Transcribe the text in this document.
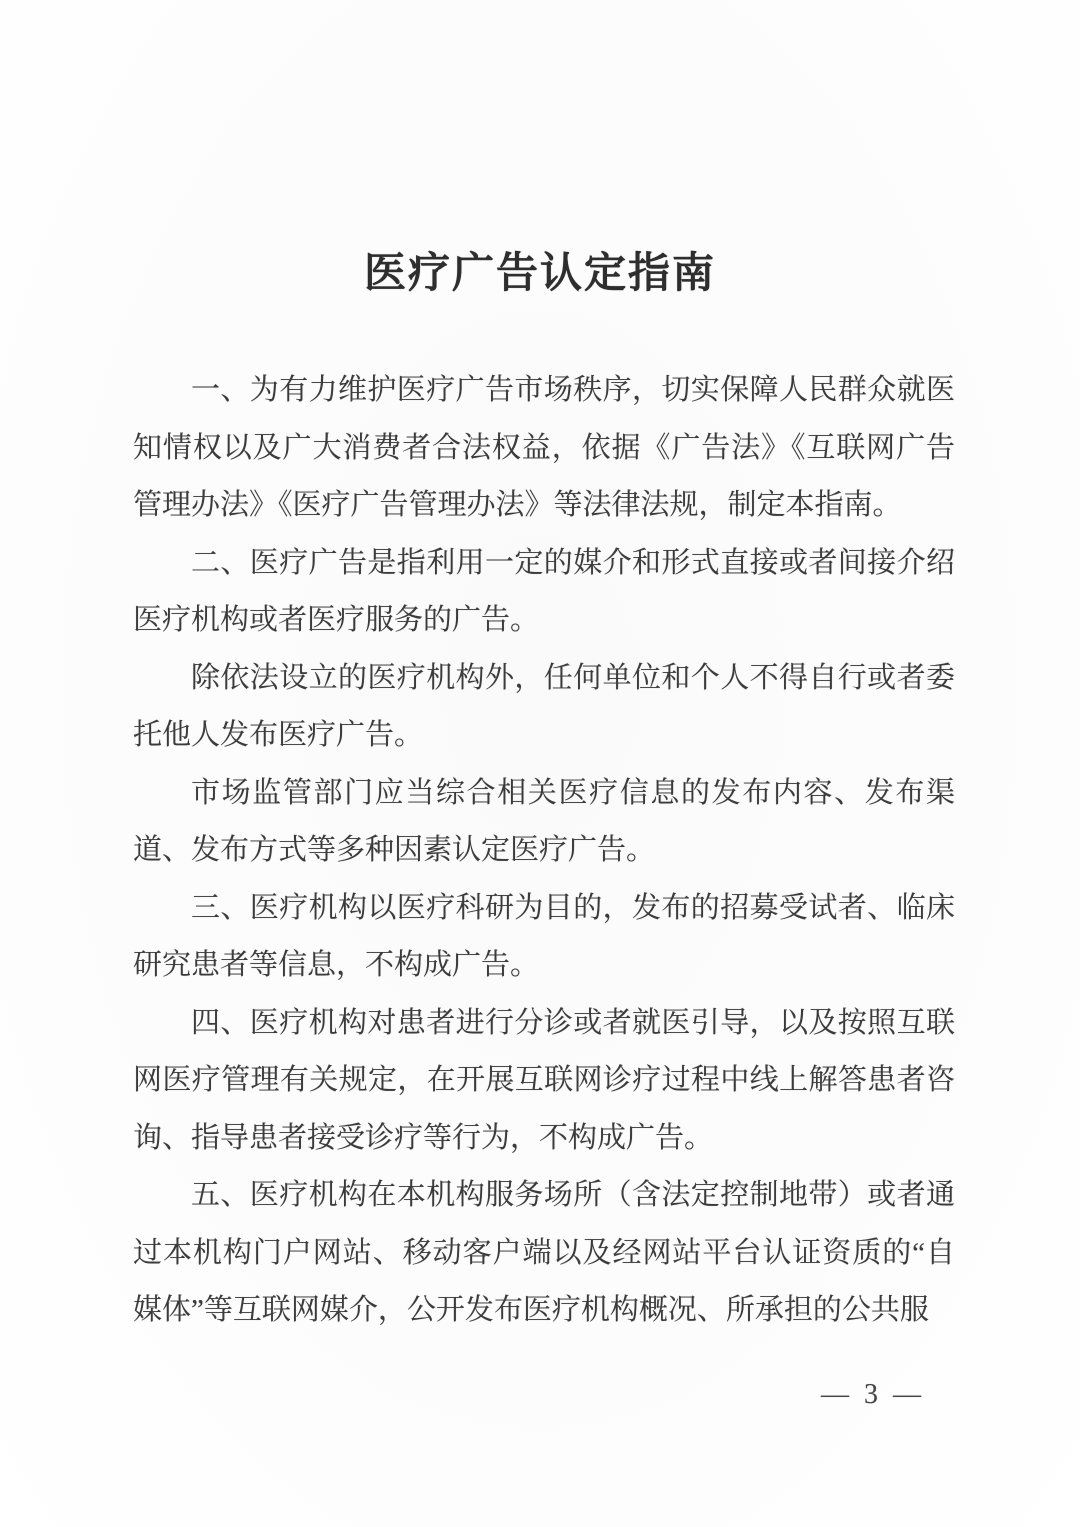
医疗广告认定指南

一、为有力维护医疗广告市场秩序，切实保障人民群众就医知情权以及广大消费者合法权益，依据《广告法》《互联网广告管理办法》《医疗广告管理办法》等法律法规，制定本指南。

二、医疗广告是指利用一定的媒介和形式直接或者间接介绍医疗机构或者医疗服务的广告。

除依法设立的医疗机构外，任何单位和个人不得自行或者委托他人发布医疗广告。

市场监管部门应当综合相关医疗信息的发布内容、发布渠道、发布方式等多种因素认定医疗广告。

三、医疗机构以医疗科研为目的，发布的招募受试者、临床研究患者等信息，不构成广告。

四、医疗机构对患者进行分诊或者就医引导，以及按照互联网医疗管理有关规定，在开展互联网诊疗过程中线上解答患者咨询、指导患者接受诊疗等行为，不构成广告。

五、医疗机构在本机构服务场所（含法定控制地带）或者通过本机构门户网站、移动客户端以及经网站平台认证资质的“自媒体”等互联网媒介，公开发布医疗机构概况、所承担的公共服

— 3 —
